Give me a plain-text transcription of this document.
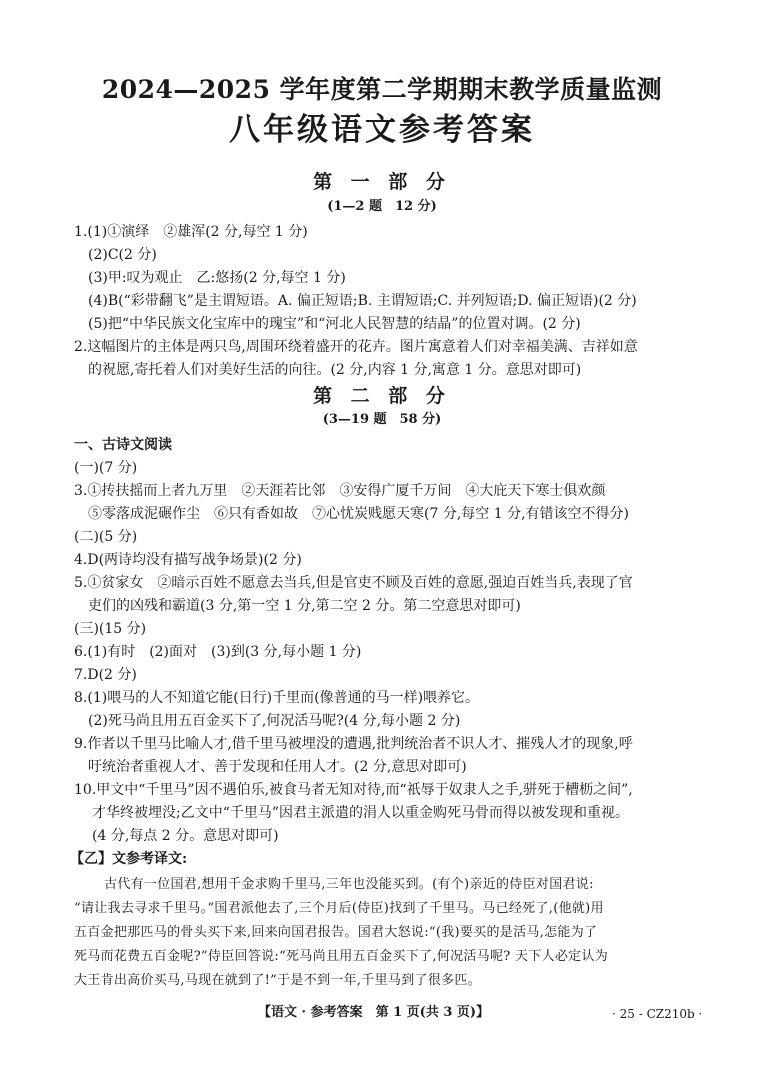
2024—2025 学年度第二学期期末教学质量监测
八年级语文参考答案
第 一 部 分
(1—2 题　12 分)
1.(1)①演绎　②雄浑(2 分,每空 1 分)
(2)C(2 分)
(3)甲:叹为观止　乙:悠扬(2 分,每空 1 分)
(4)B(“彩带翻飞”是主谓短语。A. 偏正短语;B. 主谓短语;C. 并列短语;D. 偏正短语)(2 分)
(5)把“中华民族文化宝库中的瑰宝”和“河北人民智慧的结晶”的位置对调。(2 分)
2.这幅图片的主体是两只鸟,周围环绕着盛开的花卉。图片寓意着人们对幸福美满、吉祥如意
的祝愿,寄托着人们对美好生活的向往。(2 分,内容 1 分,寓意 1 分。意思对即可)
第 二 部 分
(3—19 题　58 分)
一、古诗文阅读
(一)(7 分)
3.①抟扶摇而上者九万里　②天涯若比邻　③安得广厦千万间　④大庇天下寒士俱欢颜
⑤零落成泥碾作尘　⑥只有香如故　⑦心忧炭贱愿天寒(7 分,每空 1 分,有错该空不得分)
(二)(5 分)
4.D(两诗均没有描写战争场景)(2 分)
5.①贫家女　②暗示百姓不愿意去当兵,但是官吏不顾及百姓的意愿,强迫百姓当兵,表现了官
吏们的凶残和霸道(3 分,第一空 1 分,第二空 2 分。第二空意思对即可)
(三)(15 分)
6.(1)有时　(2)面对　(3)到(3 分,每小题 1 分)
7.D(2 分)
8.(1)喂马的人不知道它能(日行)千里而(像普通的马一样)喂养它。
(2)死马尚且用五百金买下了,何况活马呢?(4 分,每小题 2 分)
9.作者以千里马比喻人才,借千里马被埋没的遭遇,批判统治者不识人才、摧残人才的现象,呼
吁统治者重视人才、善于发现和任用人才。(2 分,意思对即可)
10.甲文中“千里马”因不遇伯乐,被食马者无知对待,而“祇辱于奴隶人之手,骈死于槽枥之间”,
才华终被埋没;乙文中“千里马”因君主派遣的涓人以重金购死马骨而得以被发现和重视。
(4 分,每点 2 分。意思对即可)
【乙】文参考译文:
古代有一位国君,想用千金求购千里马,三年也没能买到。(有个)亲近的侍臣对国君说:
“请让我去寻求千里马。”国君派他去了,三个月后(侍臣)找到了千里马。马已经死了,(他就)用
五百金把那匹马的骨头买下来,回来向国君报告。国君大怒说:“(我)要买的是活马,怎能为了
死马而花费五百金呢?”侍臣回答说:“死马尚且用五百金买下了,何况活马呢? 天下人必定认为
大王肯出高价买马,马现在就到了!”于是不到一年,千里马到了很多匹。
【语文 · 参考答案　第 1 页(共 3 页)】	· 25 - CZ210b ·
